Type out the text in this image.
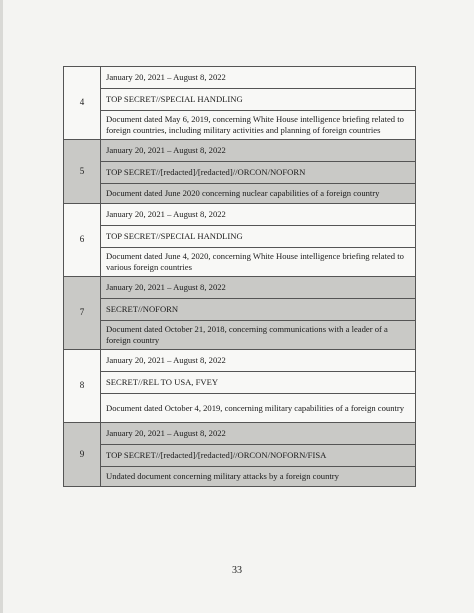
4	January 20, 2021 – August 8, 2022
	TOP SECRET//SPECIAL HANDLING
	Document dated May 6, 2019, concerning White House intelligence briefing related to foreign countries, including military activities and planning of foreign countries
5	January 20, 2021 – August 8, 2022
	TOP SECRET//[redacted]/[redacted]//ORCON/NOFORN
	Document dated June 2020 concerning nuclear capabilities of a foreign country
6	January 20, 2021 – August 8, 2022
	TOP SECRET//SPECIAL HANDLING
	Document dated June 4, 2020, concerning White House intelligence briefing related to various foreign countries
7	January 20, 2021 – August 8, 2022
	SECRET//NOFORN
	Document dated October 21, 2018, concerning communications with a leader of a foreign country
8	January 20, 2021 – August 8, 2022
	SECRET//REL TO USA, FVEY
	Document dated October 4, 2019, concerning military capabilities of a foreign country
9	January 20, 2021 – August 8, 2022
	TOP SECRET//[redacted]/[redacted]//ORCON/NOFORN/FISA
	Undated document concerning military attacks by a foreign country
33
